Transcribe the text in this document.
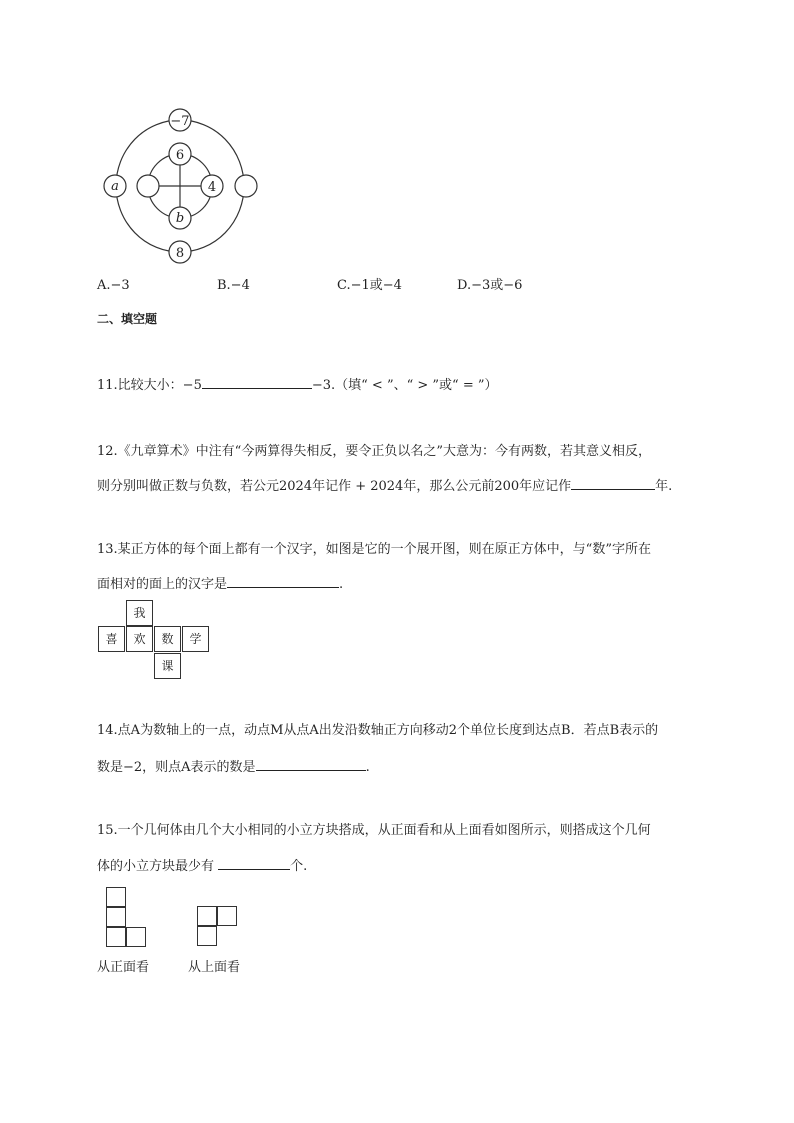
−7
6
a	4
b
8
A.−3	B.−4	C.−1或−4	D.−3或−6
二、填空题
11.比较大小：−5	−3.（填“ < ”、“ > ”或“ = ”）
12.《九章算术》中注有“今两算得失相反，要令正负以名之”大意为：今有两数，若其意义相反，
则分别叫做正数与负数，若公元2024年记作 + 2024年，那么公元前200年应记作	年.
13.某正方体的每个面上都有一个汉字，如图是它的一个展开图，则在原正方体中，与“数”字所在
面相对的面上的汉字是	.
我
喜	欢	数	学
课
14.点A为数轴上的一点，动点M从点A出发沿数轴正方向移动2个单位长度到达点B．若点B表示的
数是−2，则点A表示的数是	.
15.一个几何体由几个大小相同的小立方块搭成，从正面看和从上面看如图所示，则搭成这个几何
体的小立方块最少有	个.
从正面看	从上面看
